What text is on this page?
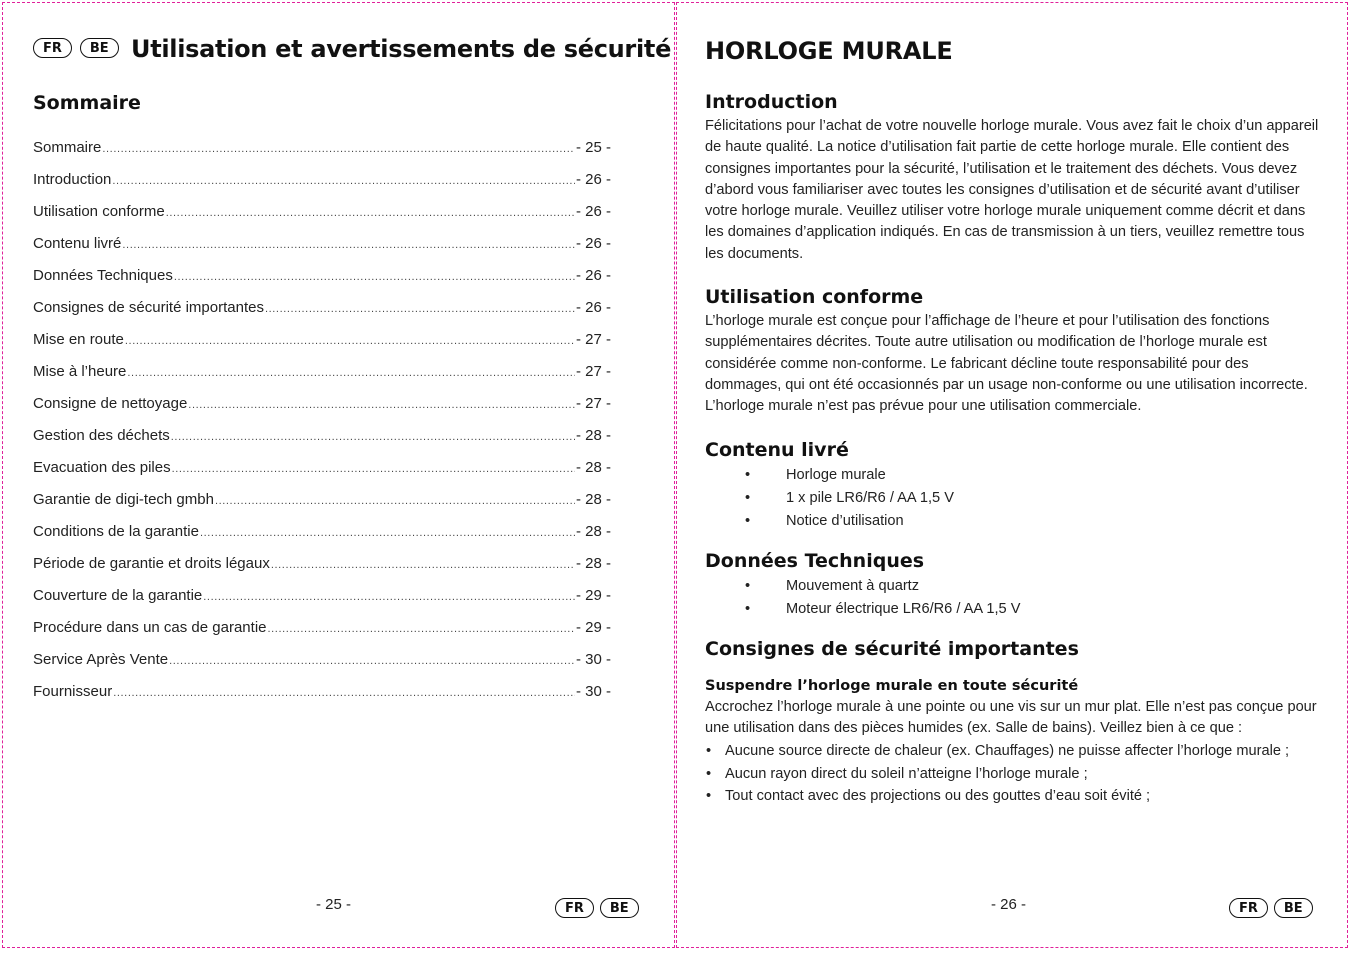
FR	BE Utilisation et avertissements de sécurité
Sommaire
Sommaire .....	- 25 -
Introduction .....	- 26 -
Utilisation conforme .....	- 26 -
Contenu livré .....	- 26 -
Données Techniques .....	- 26 -
Consignes de sécurité importantes .....	- 26 -
Mise en route .....	- 27 -
Mise à l’heure .....	- 27 -
Consigne de nettoyage .....	- 27 -
Gestion des déchets .....	- 28 -
Evacuation des piles .....	- 28 -
Garantie de digi-tech gmbh .....	- 28 -
Conditions de la garantie .....	- 28 -
Période de garantie et droits légaux .....	- 28 -
Couverture de la garantie .....	- 29 -
Procédure dans un cas de garantie .....	- 29 -
Service Après Vente .....	- 30 -
Fournisseur .....	- 30 -
- 25 -	FR	BE
HORLOGE MURALE
Introduction

Félicitations pour l’achat de votre nouvelle horloge murale. Vous avez fait le choix d’un appareil de haute qualité. La notice d’utilisation fait partie de cette horloge murale. Elle contient des consignes importantes pour la sécurité, l’utilisation et le traitement des déchets. Vous devez d’abord vous familiariser avec toutes les consignes d’utilisation et de sécurité avant d’utiliser votre horloge murale. Veuillez utiliser votre horloge murale uniquement comme décrit et dans les domaines d’application indiqués. En cas de transmission à un tiers, veuillez remettre tous les documents.

Utilisation conforme

L’horloge murale est conçue pour l’affichage de l’heure et pour l’utilisation des fonctions supplémentaires décrites. Toute autre utilisation ou modification de l’horloge murale est considérée comme non-conforme. Le fabricant décline toute responsabilité pour des dommages, qui ont été occasionnés par un usage non-conforme ou une utilisation incorrecte. L’horloge murale n’est pas prévue pour une utilisation commerciale.

Contenu livré
• Horloge murale
• 1 x pile LR6/R6 / AA 1,5 V
• Notice d’utilisation
Données Techniques
• Mouvement à quartz
• Moteur électrique LR6/R6 / AA 1,5 V
Consignes de sécurité importantes
Suspendre l’horloge murale en toute sécurité

Accrochez l’horloge murale à une pointe ou une vis sur un mur plat. Elle n’est pas conçue pour une utilisation dans des pièces humides (ex. Salle de bains). Veillez bien à ce que :

• Aucune source directe de chaleur (ex. Chauffages) ne puisse affecter l’horloge murale ;
• Aucun rayon direct du soleil n’atteigne l’horloge murale ;
• Tout contact avec des projections ou des gouttes d’eau soit évité ;
- 26 -	FR	BE
